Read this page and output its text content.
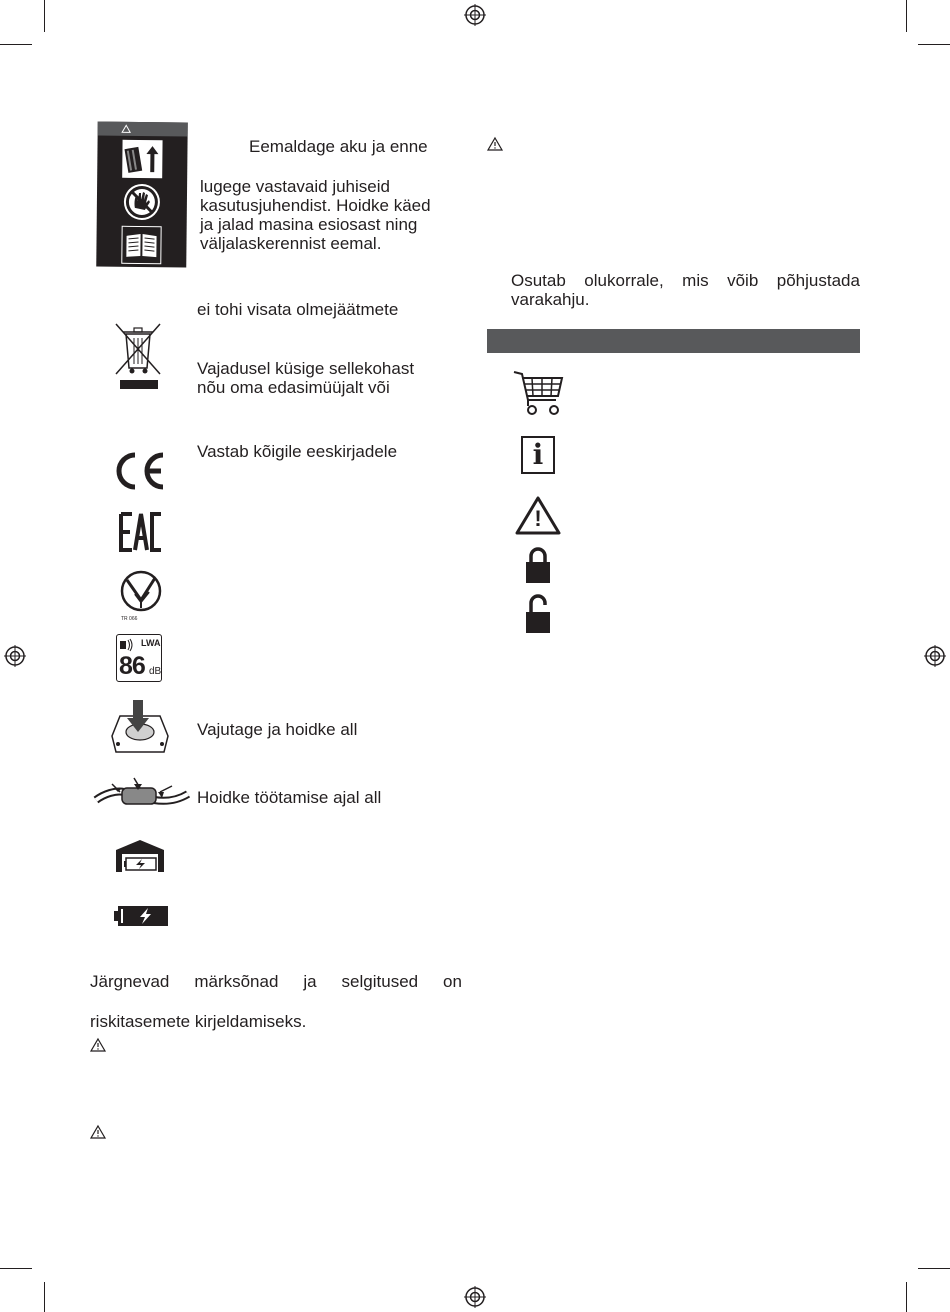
Eemaldage aku ja enne
lugege vastavaid juhiseid
kasutusjuhendist. Hoidke käed
ja jalad masina esiosast ning
väljalaskerennist eemal.
ei tohi visata olmejäätmete
Vajadusel küsige sellekohast
nõu oma edasimüüjalt või
Vastab kõigile eeskirjadele
TR 066
LWA
86 dB
Vajutage ja hoidke all
Hoidke töötamise ajal all
Järgnevad märksõnad ja selgitused on
riskitasemete kirjeldamiseks.
Osutab olukorrale, mis võib põhjustada
varakahju.
i
!
